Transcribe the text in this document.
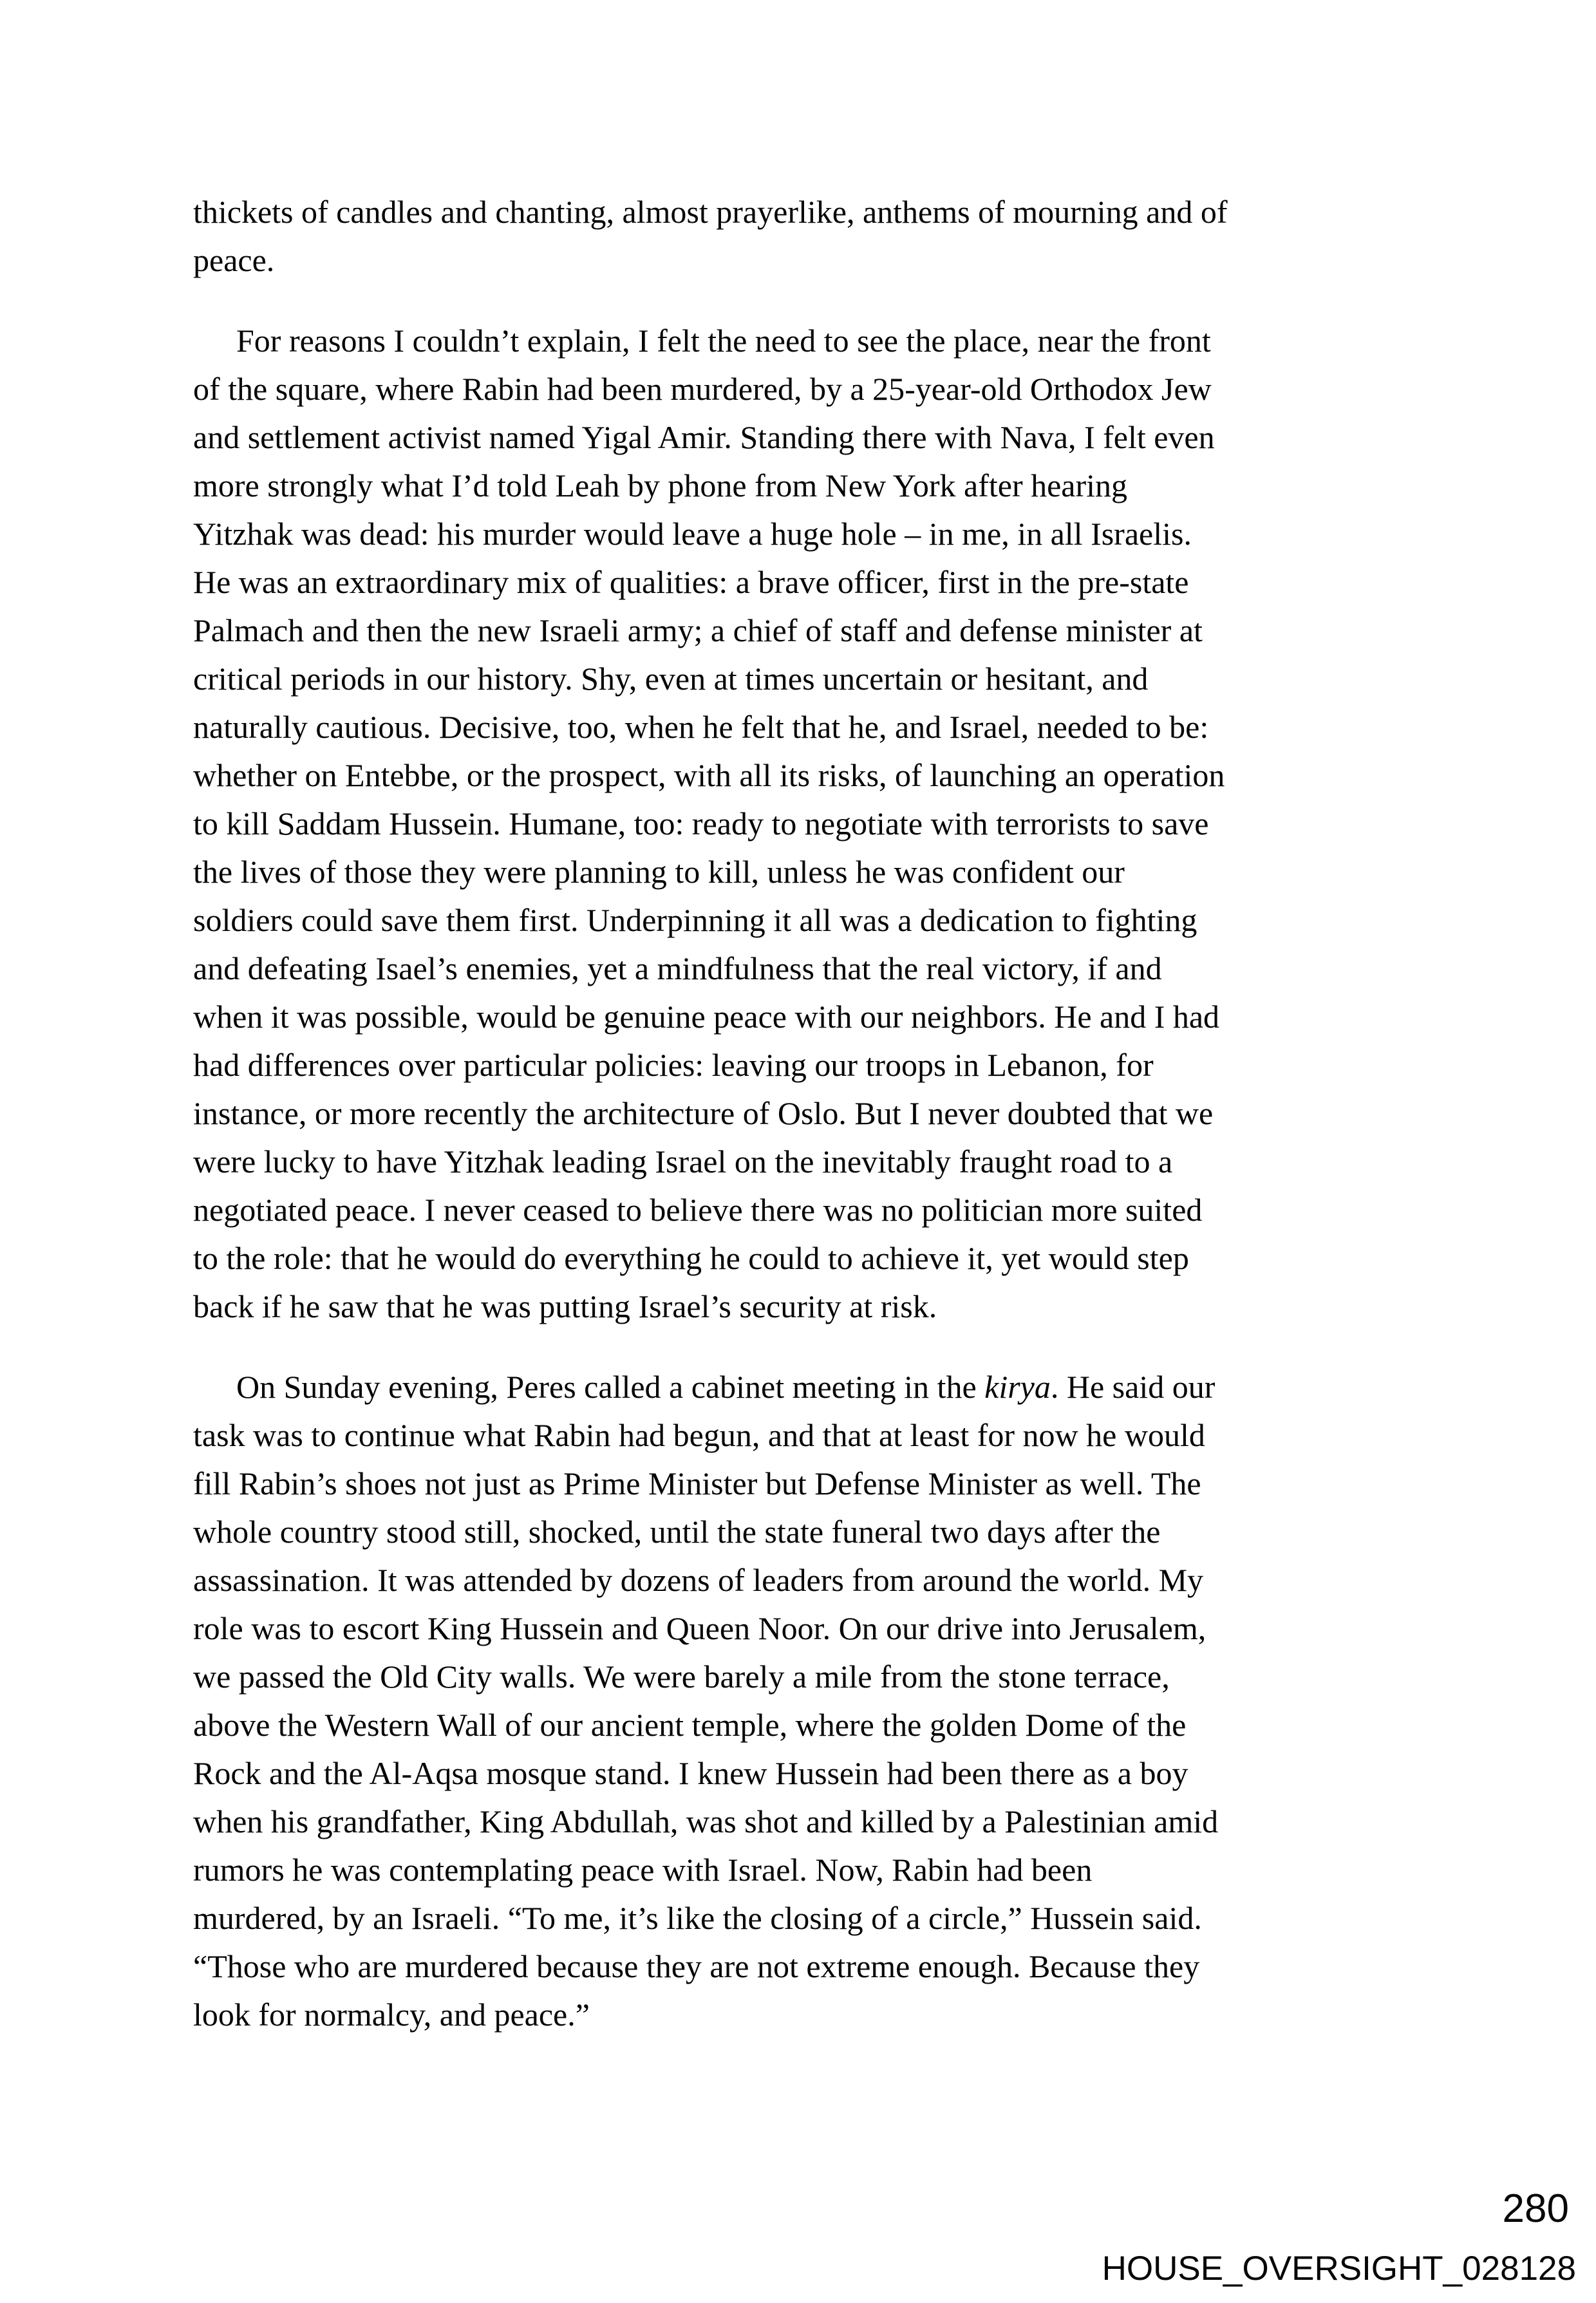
thickets of candles and chanting, almost prayerlike, anthems of mourning and of
peace.
For reasons I couldn’t explain, I felt the need to see the place, near the front
of the square, where Rabin had been murdered, by a 25-year-old Orthodox Jew
and settlement activist named Yigal Amir. Standing there with Nava, I felt even
more strongly what I’d told Leah by phone from New York after hearing
Yitzhak was dead: his murder would leave a huge hole – in me, in all Israelis.
He was an extraordinary mix of qualities: a brave officer, first in the pre-state
Palmach and then the new Israeli army; a chief of staff and defense minister at
critical periods in our history. Shy, even at times uncertain or hesitant, and
naturally cautious. Decisive, too, when he felt that he, and Israel, needed to be:
whether on Entebbe, or the prospect, with all its risks, of launching an operation
to kill Saddam Hussein. Humane, too: ready to negotiate with terrorists to save
the lives of those they were planning to kill, unless he was confident our
soldiers could save them first. Underpinning it all was a dedication to fighting
and defeating Isael’s enemies, yet a mindfulness that the real victory, if and
when it was possible, would be genuine peace with our neighbors. He and I had
had differences over particular policies: leaving our troops in Lebanon, for
instance, or more recently the architecture of Oslo. But I never doubted that we
were lucky to have Yitzhak leading Israel on the inevitably fraught road to a
negotiated peace. I never ceased to believe there was no politician more suited
to the role: that he would do everything he could to achieve it, yet would step
back if he saw that he was putting Israel’s security at risk.
On Sunday evening, Peres called a cabinet meeting in the kirya. He said our
task was to continue what Rabin had begun, and that at least for now he would
fill Rabin’s shoes not just as Prime Minister but Defense Minister as well. The
whole country stood still, shocked, until the state funeral two days after the
assassination. It was attended by dozens of leaders from around the world. My
role was to escort King Hussein and Queen Noor. On our drive into Jerusalem,
we passed the Old City walls. We were barely a mile from the stone terrace,
above the Western Wall of our ancient temple, where the golden Dome of the
Rock and the Al-Aqsa mosque stand. I knew Hussein had been there as a boy
when his grandfather, King Abdullah, was shot and killed by a Palestinian amid
rumors he was contemplating peace with Israel. Now, Rabin had been
murdered, by an Israeli. “To me, it’s like the closing of a circle,” Hussein said.
“Those who are murdered because they are not extreme enough. Because they
look for normalcy, and peace.”
280
HOUSE_OVERSIGHT_028128
